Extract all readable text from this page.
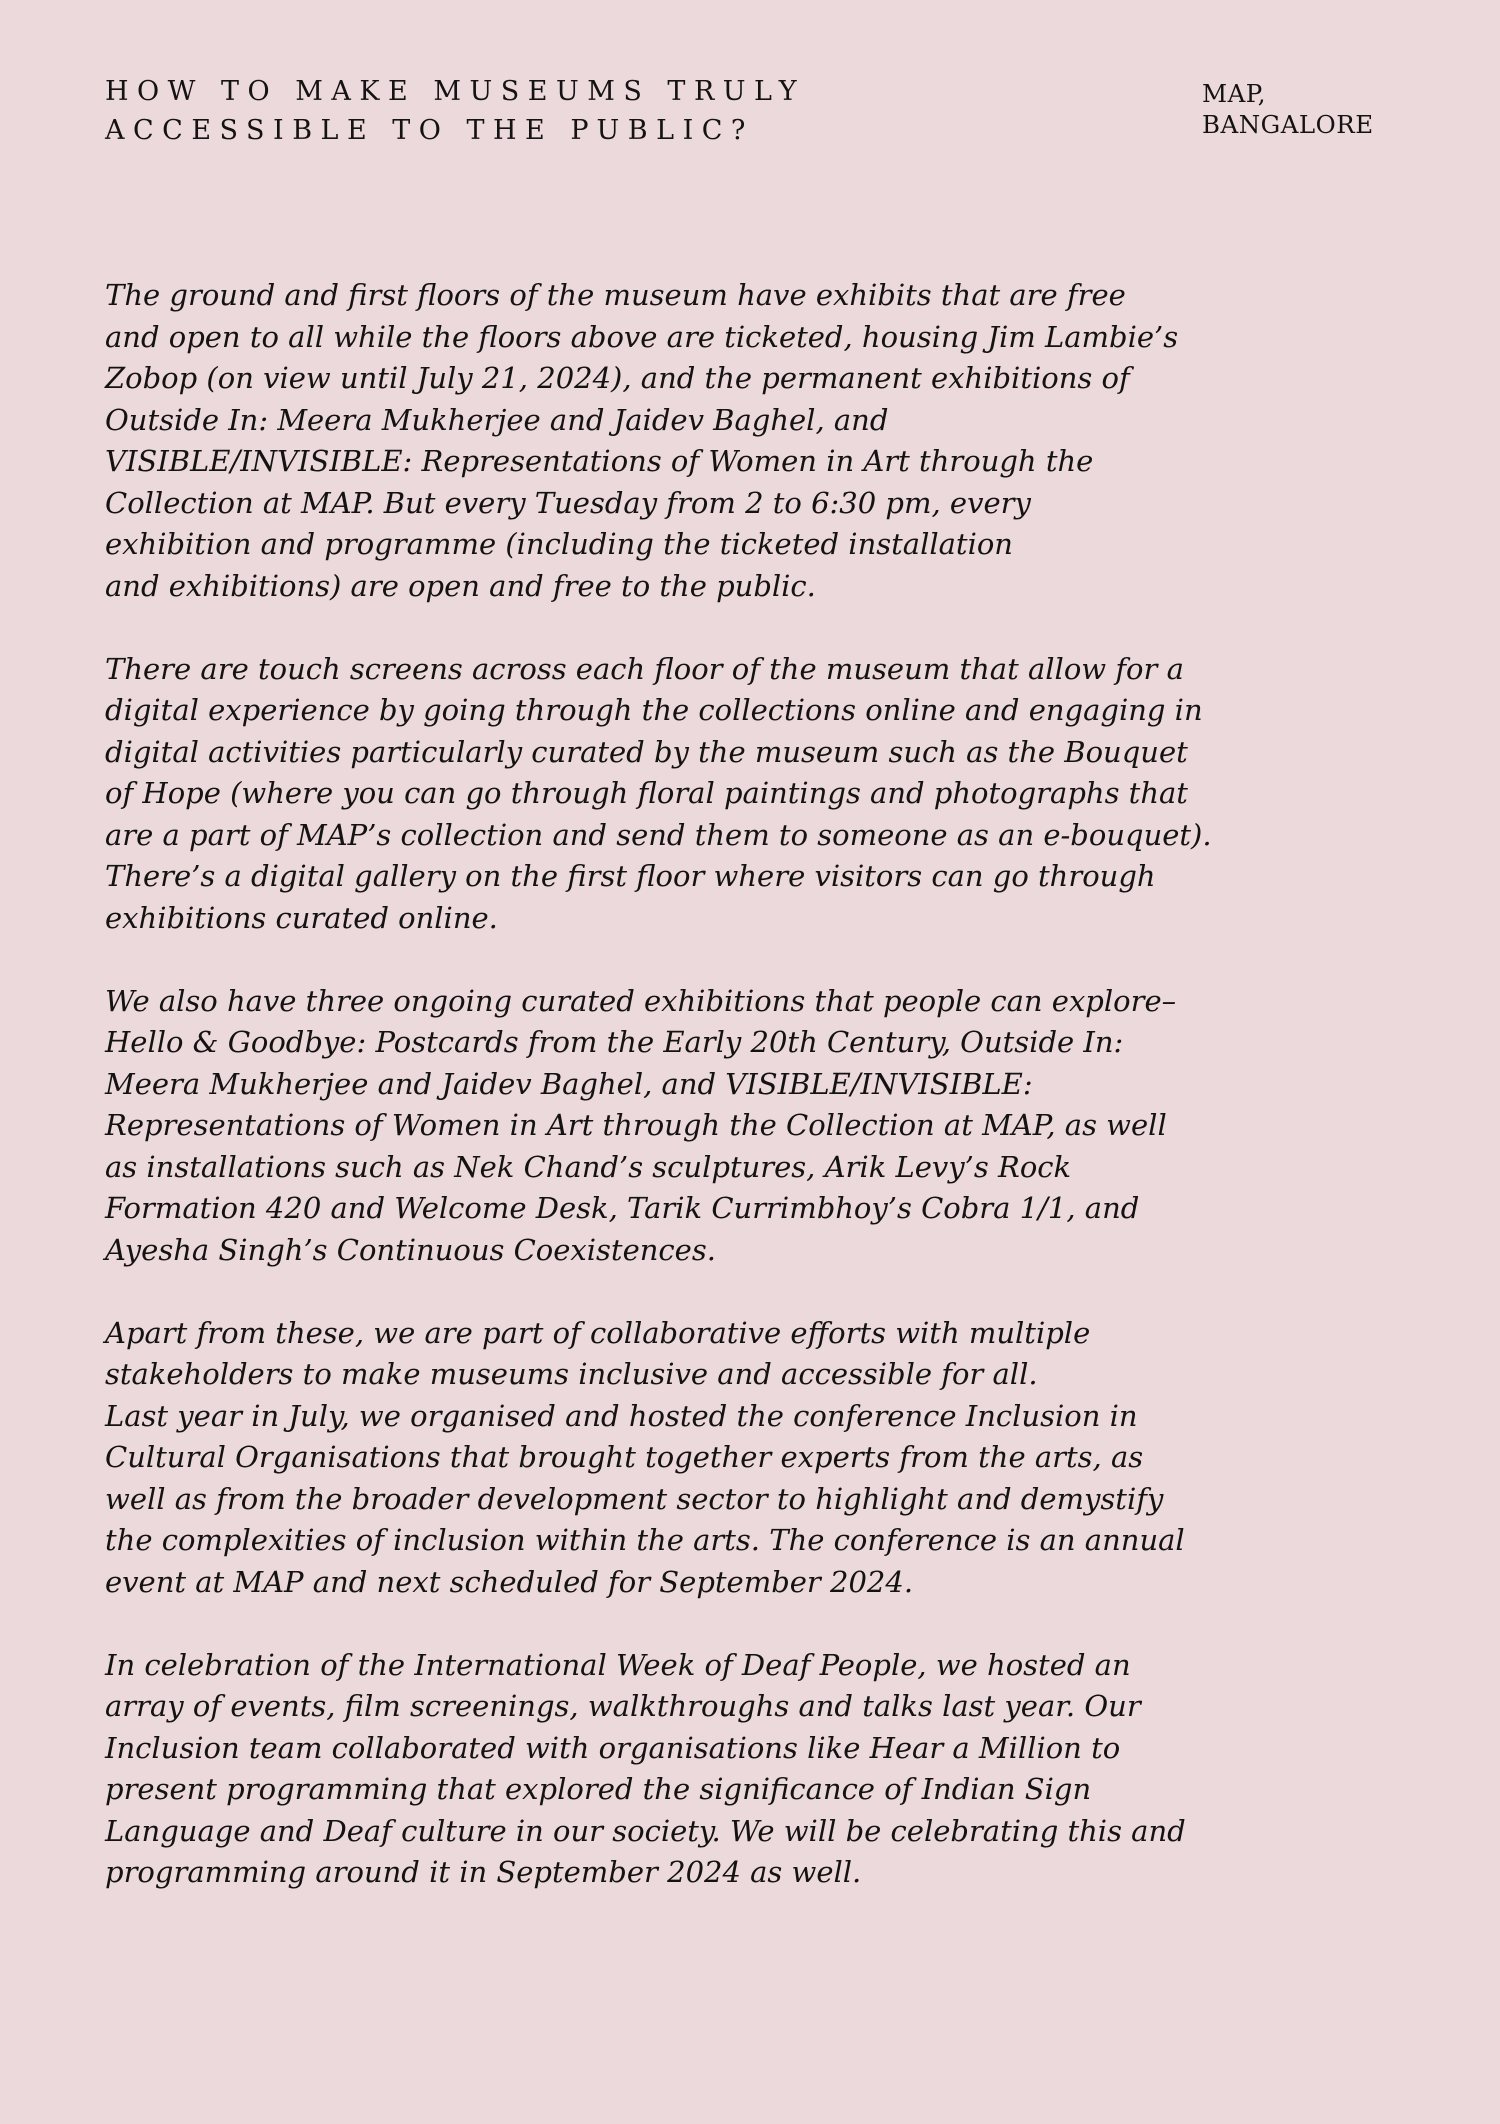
HOW TO MAKE MUSEUMS TRULY
ACCESSIBLE TO THE PUBLIC?
MAP,
BANGALORE

The ground and first floors of the museum have exhibits that are free
and open to all while the floors above are ticketed, housing Jim Lambie’s
Zobop (on view until July 21, 2024), and the permanent exhibitions of
Outside In: Meera Mukherjee and Jaidev Baghel, and
VISIBLE/INVISIBLE: Representations of Women in Art through the
Collection at MAP. But every Tuesday from 2 to 6:30 pm, every
exhibition and programme (including the ticketed installation
and exhibitions) are open and free to the public.

There are touch screens across each floor of the museum that allow for a
digital experience by going through the collections online and engaging in
digital activities particularly curated by the museum such as the Bouquet
of Hope (where you can go through floral paintings and photographs that
are a part of MAP’s collection and send them to someone as an e-bouquet).
There’s a digital gallery on the first floor where visitors can go through
exhibitions curated online.

We also have three ongoing curated exhibitions that people can explore–
Hello & Goodbye: Postcards from the Early 20th Century, Outside In:
Meera Mukherjee and Jaidev Baghel, and VISIBLE/INVISIBLE:
Representations of Women in Art through the Collection at MAP, as well
as installations such as Nek Chand’s sculptures, Arik Levy’s Rock
Formation 420 and Welcome Desk, Tarik Currimbhoy’s Cobra 1/1, and
Ayesha Singh’s Continuous Coexistences.

Apart from these, we are part of collaborative efforts with multiple
stakeholders to make museums inclusive and accessible for all.
Last year in July, we organised and hosted the conference Inclusion in
Cultural Organisations that brought together experts from the arts, as
well as from the broader development sector to highlight and demystify
the complexities of inclusion within the arts. The conference is an annual
event at MAP and next scheduled for September 2024.

In celebration of the International Week of Deaf People, we hosted an
array of events, film screenings, walkthroughs and talks last year. Our
Inclusion team collaborated with organisations like Hear a Million to
present programming that explored the significance of Indian Sign
Language and Deaf culture in our society. We will be celebrating this and
programming around it in September 2024 as well.
